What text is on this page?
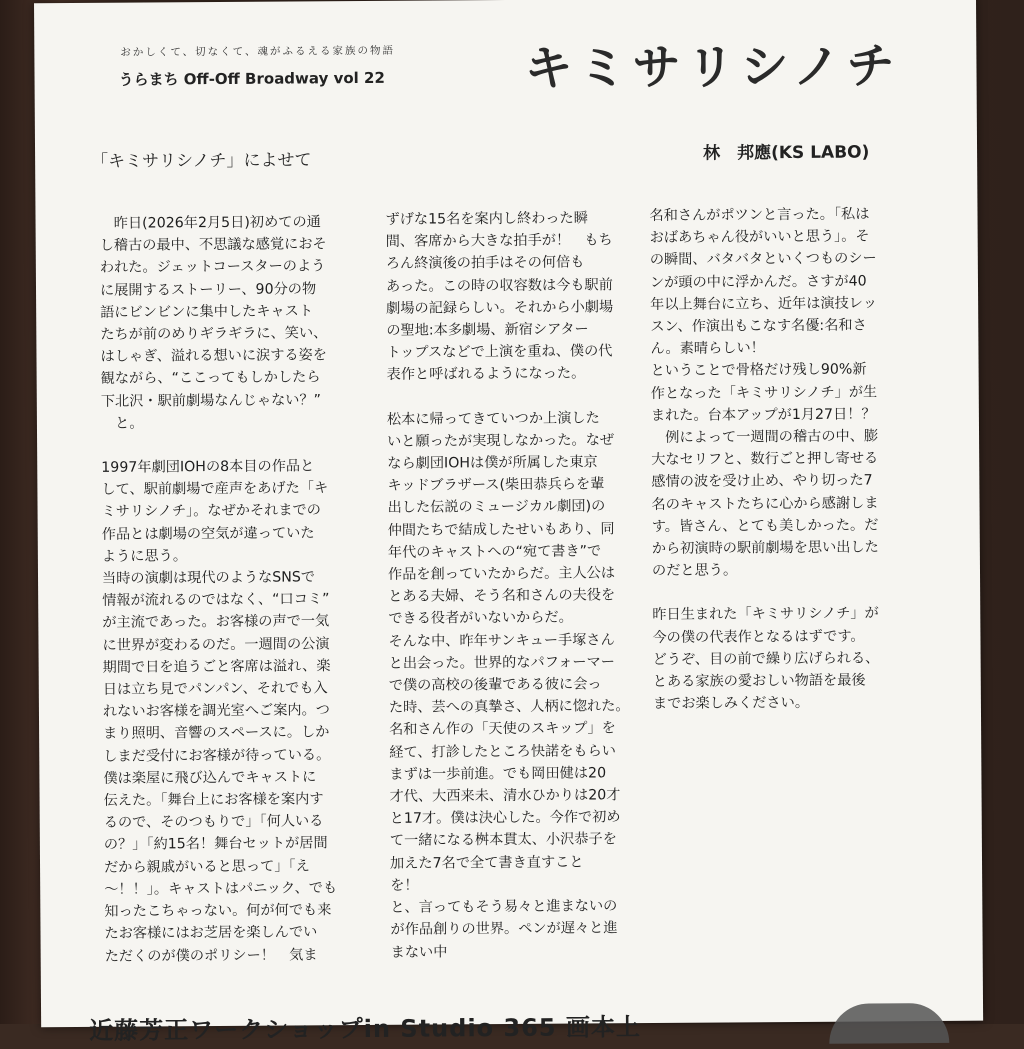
おかしくて、切なくて、魂がふるえる家族の物語
うらまち Off-Off Broadway vol 22	キミサリシノチ
「キミサリシノチ」によせて	林　邦應(KS LABO)

　昨日(2026年2月5日)初めての通

し稽古の最中、不思議な感覚におそ

われた。ジェットコースターのよう

に展開するストーリー、90分の物

語にビンビンに集中したキャスト

たちが前のめりギラギラに、笑い、

はしゃぎ、溢れる想いに涙する姿を

観ながら、“ここってもしかしたら

下北沢・駅前劇場なんじゃない？”

　と。

1997年劇団IOHの8本目の作品と

して、駅前劇場で産声をあげた「キ

ミサリシノチ」。なぜかそれまでの

作品とは劇場の空気が違っていた

ように思う。

当時の演劇は現代のようなSNSで

情報が流れるのではなく、“口コミ”

が主流であった。お客様の声で一気

に世界が変わるのだ。一週間の公演

期間で日を追うごと客席は溢れ、楽

日は立ち見でパンパン、それでも入

れないお客様を調光室へご案内。つ

まり照明、音響のスペースに。しか

しまだ受付にお客様が待っている。

僕は楽屋に飛び込んでキャストに

伝えた。「舞台上にお客様を案内す

るので、そのつもりで」「何人いる

の？」「約15名！舞台セットが居間

だから親戚がいると思って」「え

〜！！」。キャストはパニック、でも

知ったこちゃっない。何が何でも来

たお客様にはお芝居を楽しんでい

ただくのが僕のポリシー！　気ま

ずげな15名を案内し終わった瞬

間、客席から大きな拍手が！　もち

ろん終演後の拍手はその何倍も

あった。この時の収容数は今も駅前

劇場の記録らしい。それから小劇場

の聖地:本多劇場、新宿シアター

トップスなどで上演を重ね、僕の代

表作と呼ばれるようになった。

松本に帰ってきていつか上演した

いと願ったが実現しなかった。なぜ

なら劇団IOHは僕が所属した東京

キッドブラザース(柴田恭兵らを輩

出した伝説のミュージカル劇団)の

仲間たちで結成したせいもあり、同

年代のキャストへの“宛て書き”で

作品を創っていたからだ。主人公は

とある夫婦、そう名和さんの夫役を

できる役者がいないからだ。

そんな中、昨年サンキュー手塚さん

と出会った。世界的なパフォーマー

で僕の高校の後輩である彼に会っ

た時、芸への真摯さ、人柄に惚れた。

名和さん作の「天使のスキップ」を

経て、打診したところ快諾をもらい

まずは一歩前進。でも岡田健は20

才代、大西来未、清水ひかりは20才

と17才。僕は決心した。今作で初め

て一緒になる桝本貫太、小沢恭子を

加えた7名で全て書き直すこと

を！

と、言ってもそう易々と進まないの

が作品創りの世界。ペンが遅々と進

まない中

名和さんがポツンと言った。「私は

おばあちゃん役がいいと思う」。そ

の瞬間、バタバタといくつものシー

ンが頭の中に浮かんだ。さすが40

年以上舞台に立ち、近年は演技レッ

スン、作演出もこなす名優:名和さ

ん。素晴らしい！

ということで骨格だけ残し90%新

作となった「キミサリシノチ」が生

まれた。台本アップが1月27日！？

　例によって一週間の稽古の中、膨

大なセリフと、数行ごと押し寄せる

感情の波を受け止め、やり切った7

名のキャストたちに心から感謝しま

す。皆さん、とても美しかった。だ

から初演時の駅前劇場を思い出した

のだと思う。

昨日生まれた「キミサリシノチ」が

今の僕の代表作となるはずです。

どうぞ、目の前で繰り広げられる、

とある家族の愛おしい物語を最後

までお楽しみください。

近藤芳正ワークショップin Studio 365 画本上
